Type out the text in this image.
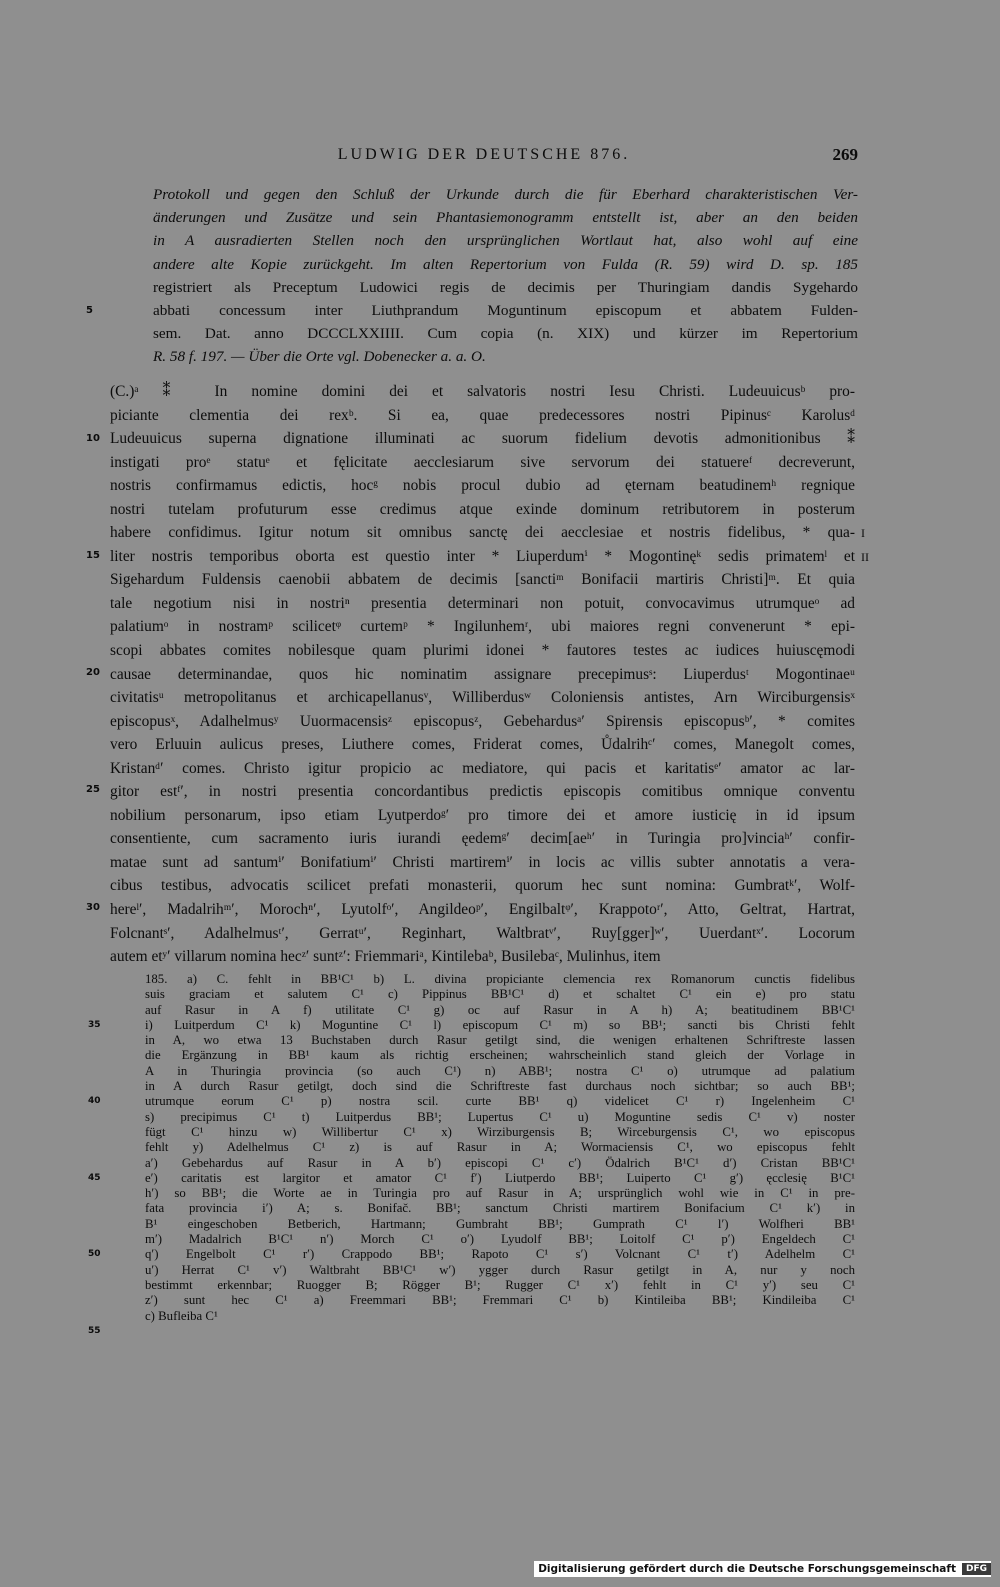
LUDWIG DER DEUTSCHE 876.	269
Protokoll und gegen den Schluß der Urkunde durch die für Eberhard charakteristischen Ver-
änderungen und Zusätze und sein Phantasiemonogramm entstellt ist, aber an den beiden
in A ausradierten Stellen noch den ursprünglichen Wortlaut hat, also wohl auf eine
andere alte Kopie zurückgeht. Im alten Repertorium von Fulda (R. 59) wird D. sp. 185
registriert als Preceptum Ludowici regis de decimis per Thuringiam dandis Sygehardo
abbati concessum inter Liuthprandum Moguntinum episcopum et abbatem Fulden-
sem. Dat. anno DCCCLXXIIII. Cum copia (n. XIX) und kürzer im Repertorium
R. 58 f. 197. — Über die Orte vgl. Dobenecker a. a. O.
5
(C.)ᵃ ⁑ In nomine domini dei et salvatoris nostri Iesu Christi. Ludeuuicusᵇ pro-
piciante clementia dei rexᵇ. Si ea, quae predecessores nostri Pipinusᶜ Karolusᵈ
Ludeuuicus superna dignatione illuminati ac suorum fidelium devotis admonitionibus ⁑
instigati proᵉ statuᵉ et fęlicitate aecclesiarum sive servorum dei statuereᶠ decreverunt,
nostris confirmamus edictis, hocᵍ nobis procul dubio ad ęternam beatudinemʰ regnique
nostri tutelam profuturum esse credimus atque exinde dominum retributorem in posterum
habere confidimus. Igitur notum sit omnibus sanctę dei aecclesiae et nostris fidelibus, * qua-
liter nostris temporibus oborta est questio inter * Liuperdumⁱ * Mogontinęᵏ sedis primatemˡ et
Sigehardum Fuldensis caenobii abbatem de decimis [sanctiᵐ Bonifacii martiris Christi]ᵐ. Et quia
tale negotium nisi in nostriⁿ presentia determinari non potuit, convocavimus utrumqueᵒ ad
palatiumᵒ in nostramᵖ scilicetᵠ curtemᵖ * Ingilunhemʳ, ubi maiores regni convenerunt * epi-
scopi abbates comites nobilesque quam plurimi idonei * fautores testes ac iudices huiuscęmodi
causae determinandae, quos hic nominatim assignare precepimusˢ: Liuperdusᵗ Mogontinaeᵘ
civitatisᵘ metropolitanus et archicapellanusᵛ, Williberdusʷ Coloniensis antistes, Arn Wirciburgensisˣ
episcopusˣ, Adalhelmusʸ Uuormacensisᶻ episcopusᶻ, Gebehardusᵃ′ Spirensis episcopusᵇ′, * comites
vero Erluuin aulicus preses, Liuthere comes, Friderat comes, Ůdalrihᶜ′ comes, Manegolt comes,
Kristanᵈ′ comes. Christo igitur propicio ac mediatore, qui pacis et karitatisᵉ′ amator ac lar-
gitor estᶠ′, in nostri presentia concordantibus predictis episcopis comitibus omnique conventu
nobilium personarum, ipso etiam Lyutperdoᵍ′ pro timore dei et amore iusticię in id ipsum
consentiente, cum sacramento iuris iurandi ęedemᵍ′ decim[aeʰ′ in Turingia pro]vinciaʰ′ confir-
matae sunt ad santumⁱ′ Bonifatiumⁱ′ Christi martiremⁱ′ in locis ac villis subter annotatis a vera-
cibus testibus, advocatis scilicet prefati monasterii, quorum hec sunt nomina: Gumbratᵏ′, Wolf-
hereˡ′, Madalrihᵐ′, Morochⁿ′, Lyutolfᵒ′, Angildeoᵖ′, Engilbaltᵠ′, Krappotoʳ′, Atto, Geltrat, Hartrat,
Folcnantˢ′, Adalhelmusᵗ′, Gerratᵘ′, Reginhart, Waltbratᵛ′, Ruy[gger]ʷ′, Uuerdantˣ′. Locorum
autem etʸ′ villarum nomina hecᶻ′ suntᶻ′: Friemmariᵃ, Kintilebaᵇ, Busilebaᶜ, Mulinhus, item
10
15
20
25
30
I
II
185. a) C. fehlt in BB¹C¹ b) L. divina propiciante clemencia rex Romanorum cunctis fidelibus
suis graciam et salutem C¹ c) Pippinus BB¹C¹ d) et schaltet C¹ ein e) pro statu
auf Rasur in A f) utilitate C¹ g) oc auf Rasur in A h) A; beatitudinem BB¹C¹
i) Luitperdum C¹ k) Moguntine C¹ l) episcopum C¹ m) so BB¹; sancti bis Christi fehlt
in A, wo etwa 13 Buchstaben durch Rasur getilgt sind, die wenigen erhaltenen Schriftreste lassen
die Ergänzung in BB¹ kaum als richtig erscheinen; wahrscheinlich stand gleich der Vorlage in
A in Thuringia provincia (so auch C¹) n) ABB¹; nostra C¹ o) utrumque ad palatium
in A durch Rasur getilgt, doch sind die Schriftreste fast durchaus noch sichtbar; so auch BB¹;
utrumque eorum C¹ p) nostra scil. curte BB¹ q) videlicet C¹ r) Ingelenheim C¹
s) precipimus C¹ t) Luitperdus BB¹; Lupertus C¹ u) Moguntine sedis C¹ v) noster
fügt C¹ hinzu w) Willibertur C¹ x) Wirziburgensis B; Wirceburgensis C¹, wo episcopus
fehlt y) Adelhelmus C¹ z) is auf Rasur in A; Wormaciensis C¹, wo episcopus fehlt
a′) Gebehardus auf Rasur in A b′) episcopi C¹ c′) Ödalrich B¹C¹ d′) Cristan BB¹C¹
e′) caritatis est largitor et amator C¹ f′) Liutperdo BB¹; Luiperto C¹ g′) ęcclesię B¹C¹
h′) so BB¹; die Worte ae in Turingia pro auf Rasur in A; ursprünglich wohl wie in C¹ in pre-
fata provincia i′) A; s. Bonifač. BB¹; sanctum Christi martirem Bonifacium C¹ k′) in
B¹ eingeschoben Betberich, Hartmann; Gumbraht BB¹; Gumprath C¹ l′) Wolfheri BB¹
m′) Madalrich B¹C¹ n′) Morch C¹ o′) Lyudolf BB¹; Loitolf C¹ p′) Engeldech C¹
q′) Engelbolt C¹ r′) Crappodo BB¹; Rapoto C¹ s′) Volcnant C¹ t′) Adelhelm C¹
u′) Herrat C¹ v′) Waltbraht BB¹C¹ w′) ygger durch Rasur getilgt in A, nur y noch
bestimmt erkennbar; Ruogger B; Rögger B¹; Rugger C¹ x′) fehlt in C¹ y′) seu C¹
z′) sunt hec C¹ a) Freemmari BB¹; Fremmari C¹ b) Kintileiba BB¹; Kindileiba C¹
c) Bufleiba C¹
35
40
45
50
55
Digitalisierung gefördert durch die Deutsche Forschungsgemeinschaft	DFG
